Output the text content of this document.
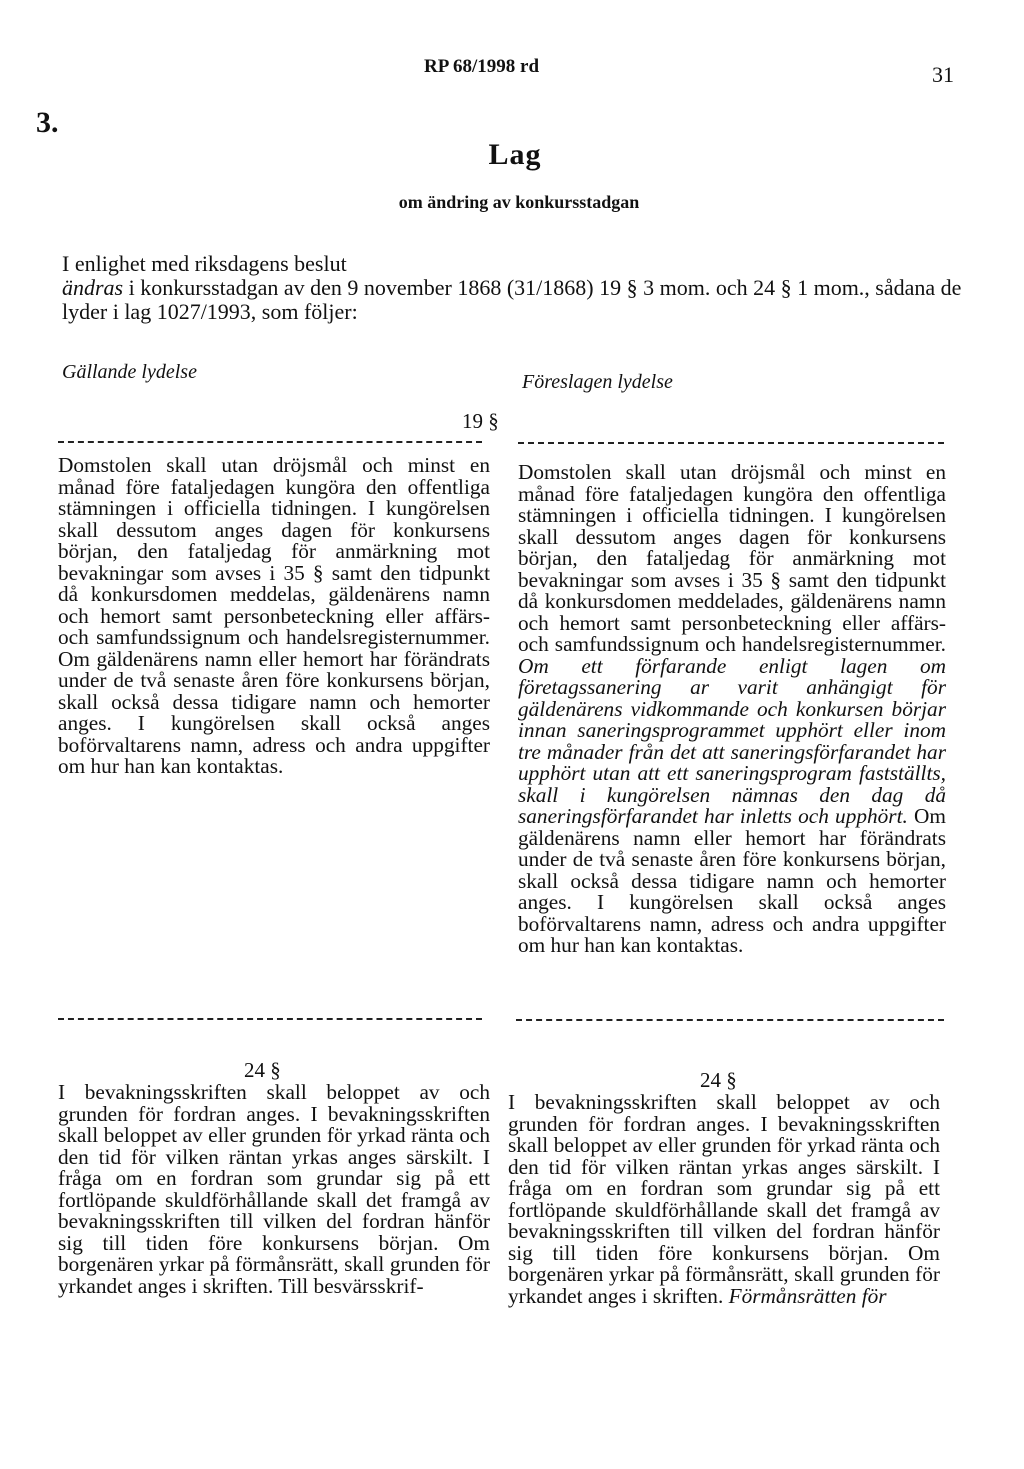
3.
RP 68/1998 rd	31
Lag
om ändring av konkursstadgan

I enlighet med riksdagens beslut

ändras i konkursstadgan av den 9 november 1868 (31/1868) 19 § 3 mom. och 24 § 1 mom., sådana de lyder i lag 1027/1993, som följer:

Gällande lydelse	Föreslagen lydelse
19 §
Domstolen skall utan dröjsmål och minst en månad före fataljedagen kungöra den offentliga stämningen i officiella tidningen. I kungörelsen skall dessutom anges dagen för konkursens början, den fataljedag för anmärkning mot bevakningar som avses i 35 § samt den tidpunkt då konkursdomen meddelas, gäldenärens namn och hemort samt personbeteckning eller affärs- och samfundssignum och handelsregisternummer. Om gäldenärens namn eller hemort har förändrats under de två senaste åren före konkursens början, skall också dessa tidigare namn och hemorter anges. I kungörelsen skall också anges boförvaltarens namn, adress och andra uppgifter om hur han kan kontaktas.
Domstolen skall utan dröjsmål och minst en månad före fataljedagen kungöra den offentliga stämningen i officiella tidningen. I kungörelsen skall dessutom anges dagen för konkursens början, den fataljedag för anmärkning mot bevakningar som avses i 35 § samt den tidpunkt då konkursdomen meddelades, gäldenärens namn och hemort samt personbeteckning eller affärs- och samfundssignum och handelsregisternummer. Om ett förfarande enligt lagen om företagssanering ar varit anhängigt för gäldenärens vidkommande och konkursen börjar innan saneringsprogrammet upphört eller inom tre månader från det att saneringsförfarandet har upphört utan att ett saneringsprogram fastställts, skall i kungörelsen nämnas den dag då saneringsförfarandet har inletts och upphört. Om gäldenärens namn eller hemort har förändrats under de två senaste åren före konkursens början, skall också dessa tidigare namn och hemorter anges. I kungörelsen skall också anges boförvaltarens namn, adress och andra uppgifter om hur han kan kontaktas.
24 §	24 §
I bevakningsskriften skall beloppet av och grunden för fordran anges. I bevakningsskriften skall beloppet av eller grunden för yrkad ränta och den tid för vilken räntan yrkas anges särskilt. I fråga om en fordran som grundar sig på ett fortlöpande skuldförhållande skall det framgå av bevakningsskriften till vilken del fordran hänför sig till tiden före konkursens början. Om borgenären yrkar på förmånsrätt, skall grunden för yrkandet anges i skriften. Till besvärsskrif-
I bevakningsskriften skall beloppet av och grunden för fordran anges. I bevakningsskriften skall beloppet av eller grunden för yrkad ränta och den tid för vilken räntan yrkas anges särskilt. I fråga om en fordran som grundar sig på ett fortlöpande skuldförhållande skall det framgå av bevakningsskriften till vilken del fordran hänför sig till tiden före konkursens början. Om borgenären yrkar på förmånsrätt, skall grunden för yrkandet anges i skriften. Förmånsrätten för
